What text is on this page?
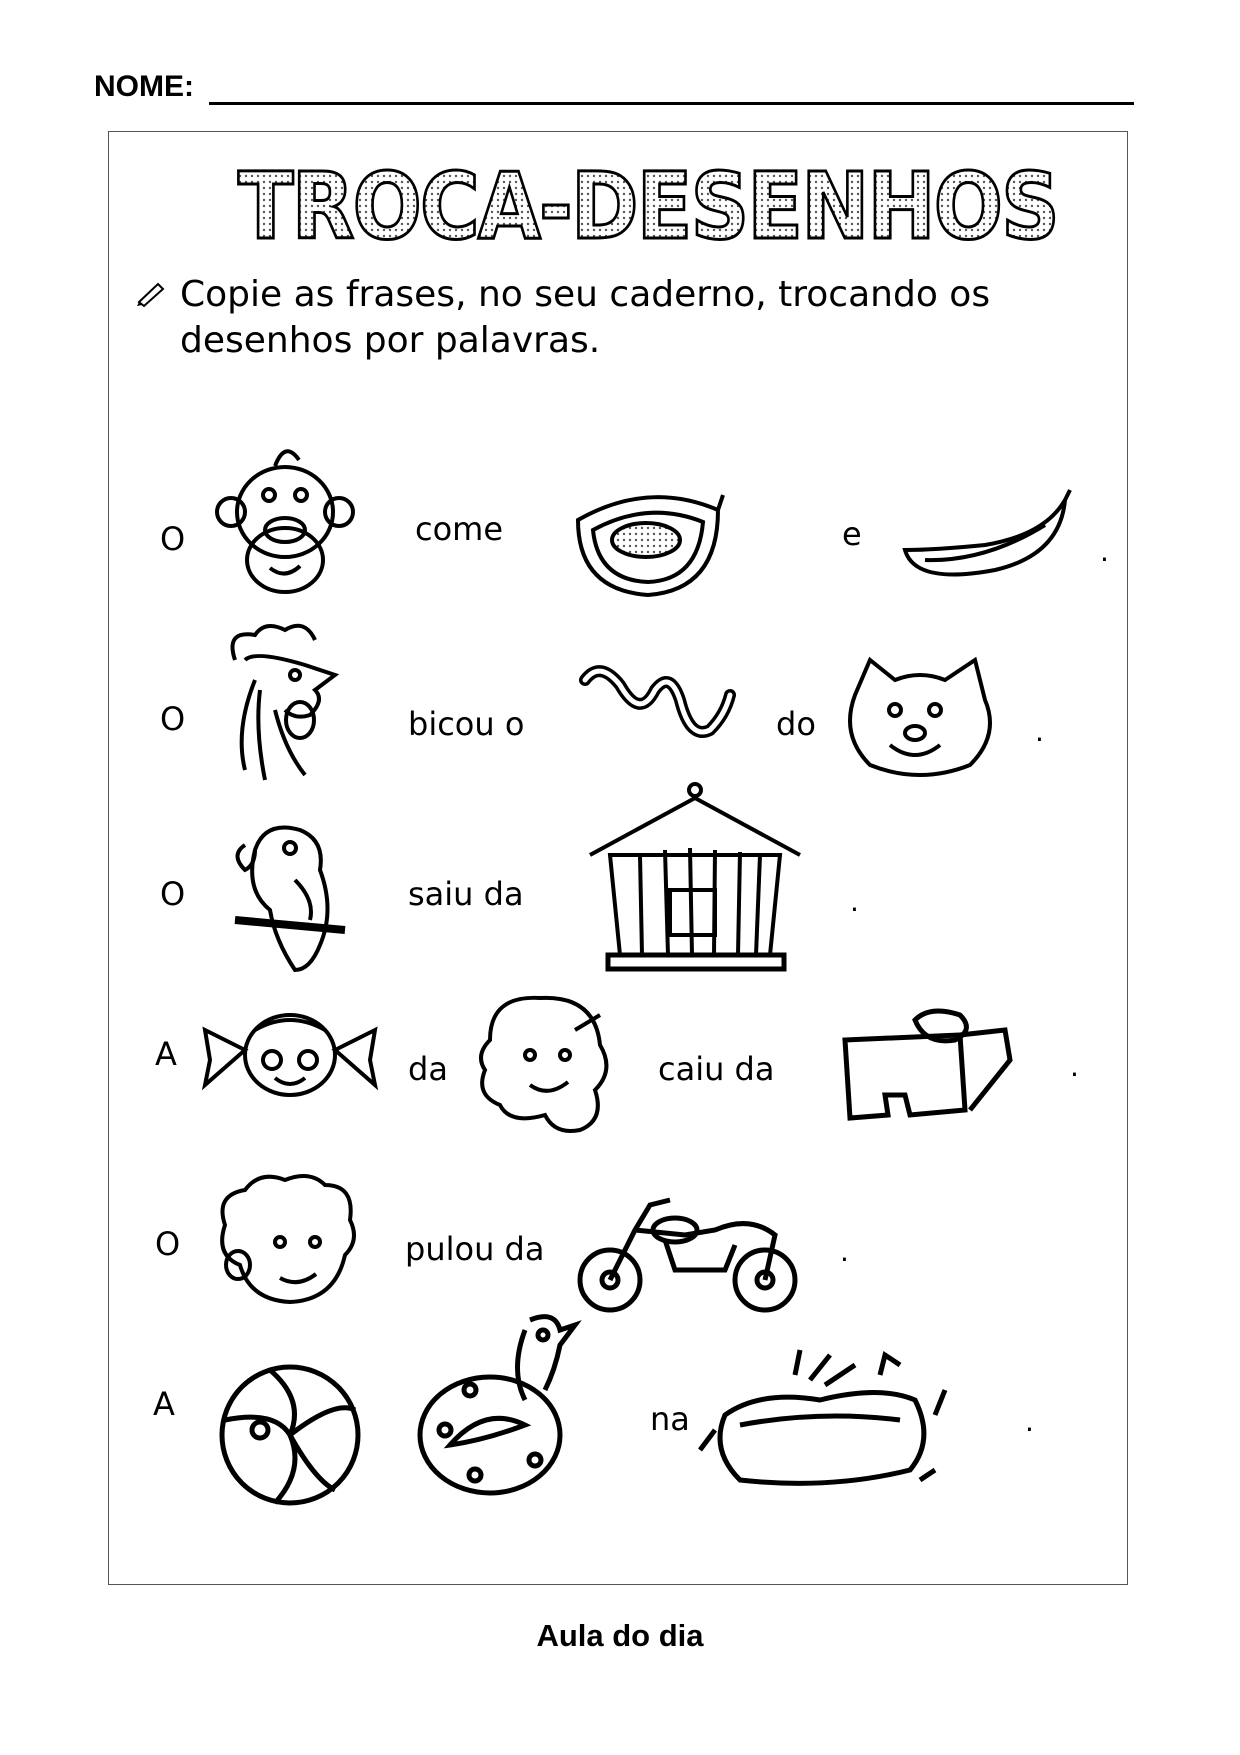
NOME:
TROCA-DESENHOS
Copie as frases, no seu caderno, trocando os desenhos por palavras.
O	come	e	.
O	bicou o	do	.
O	saiu da	.
A	da	caiu da	.
O	pulou da	.
A	na	.
Aula do dia
